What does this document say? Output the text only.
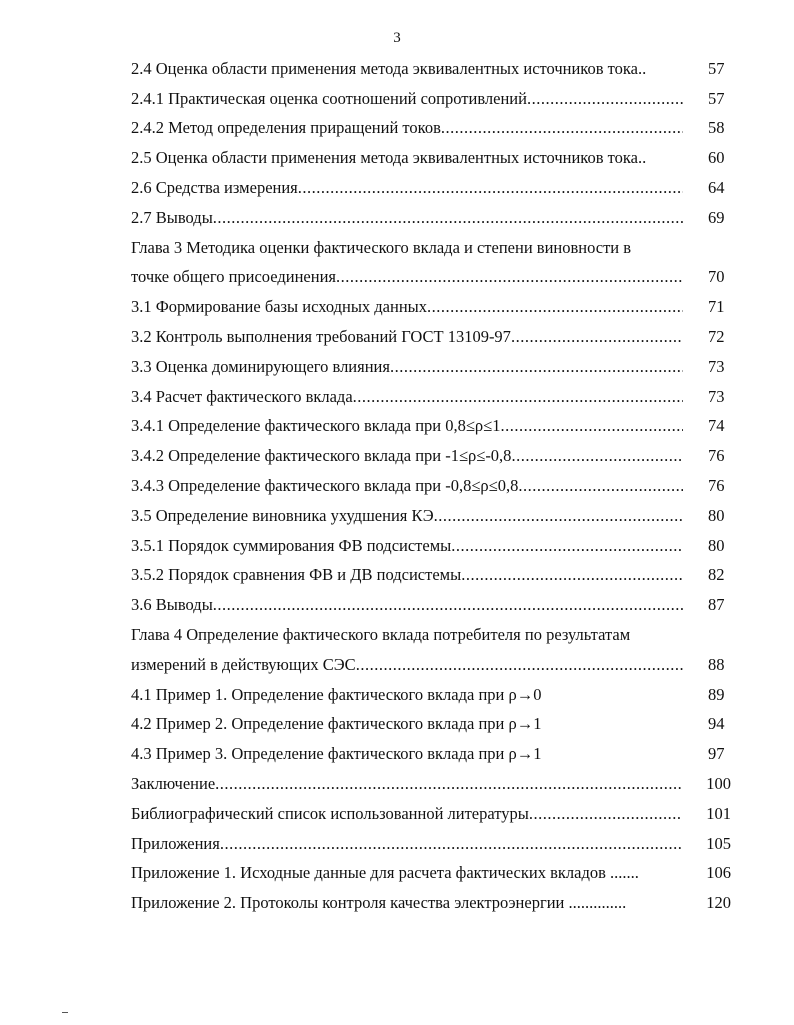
3
2.4 Оценка области применения метода эквивалентных источников тока..	57
2.4.1 Практическая оценка соотношений сопротивлений .....	57
2.4.2 Метод определения приращений токов .....	58
2.5 Оценка области применения метода эквивалентных источников тока..	60
2.6 Средства измерения .....	64
2.7 Выводы .....	69
Глава 3 Методика оценки фактического вклада и степени виновности в
точке общего присоединения .....	70
3.1 Формирование базы исходных данных .....	71
3.2 Контроль выполнения требований ГОСТ 13109-97 .....	72
3.3 Оценка доминирующего влияния .....	73
3.4 Расчет фактического вклада .....	73
3.4.1 Определение фактического вклада при 0,8≤ρ≤1 .....	74
3.4.2 Определение фактического вклада при -1≤ρ≤-0,8 .....	76
3.4.3 Определение фактического вклада при -0,8≤ρ≤0,8 .....	76
3.5 Определение виновника ухудшения КЭ .....	80
3.5.1 Порядок суммирования ФВ подсистемы .....	80
3.5.2 Порядок сравнения ФВ и ДВ подсистемы .....	82
3.6 Выводы .....	87
Глава 4 Определение фактического вклада потребителя по результатам
измерений в действующих СЭС .....	88
4.1 Пример 1. Определение фактического вклада при ρ→0	89
4.2 Пример 2. Определение фактического вклада при ρ→1	94
4.3 Пример 3. Определение фактического вклада при ρ→1	97
Заключение .....	100
Библиографический список использованной литературы .....	101
Приложения .....	105
Приложение 1. Исходные данные для расчета фактических вкладов .......	106
Приложение 2. Протоколы контроля качества электроэнергии ..............	120
